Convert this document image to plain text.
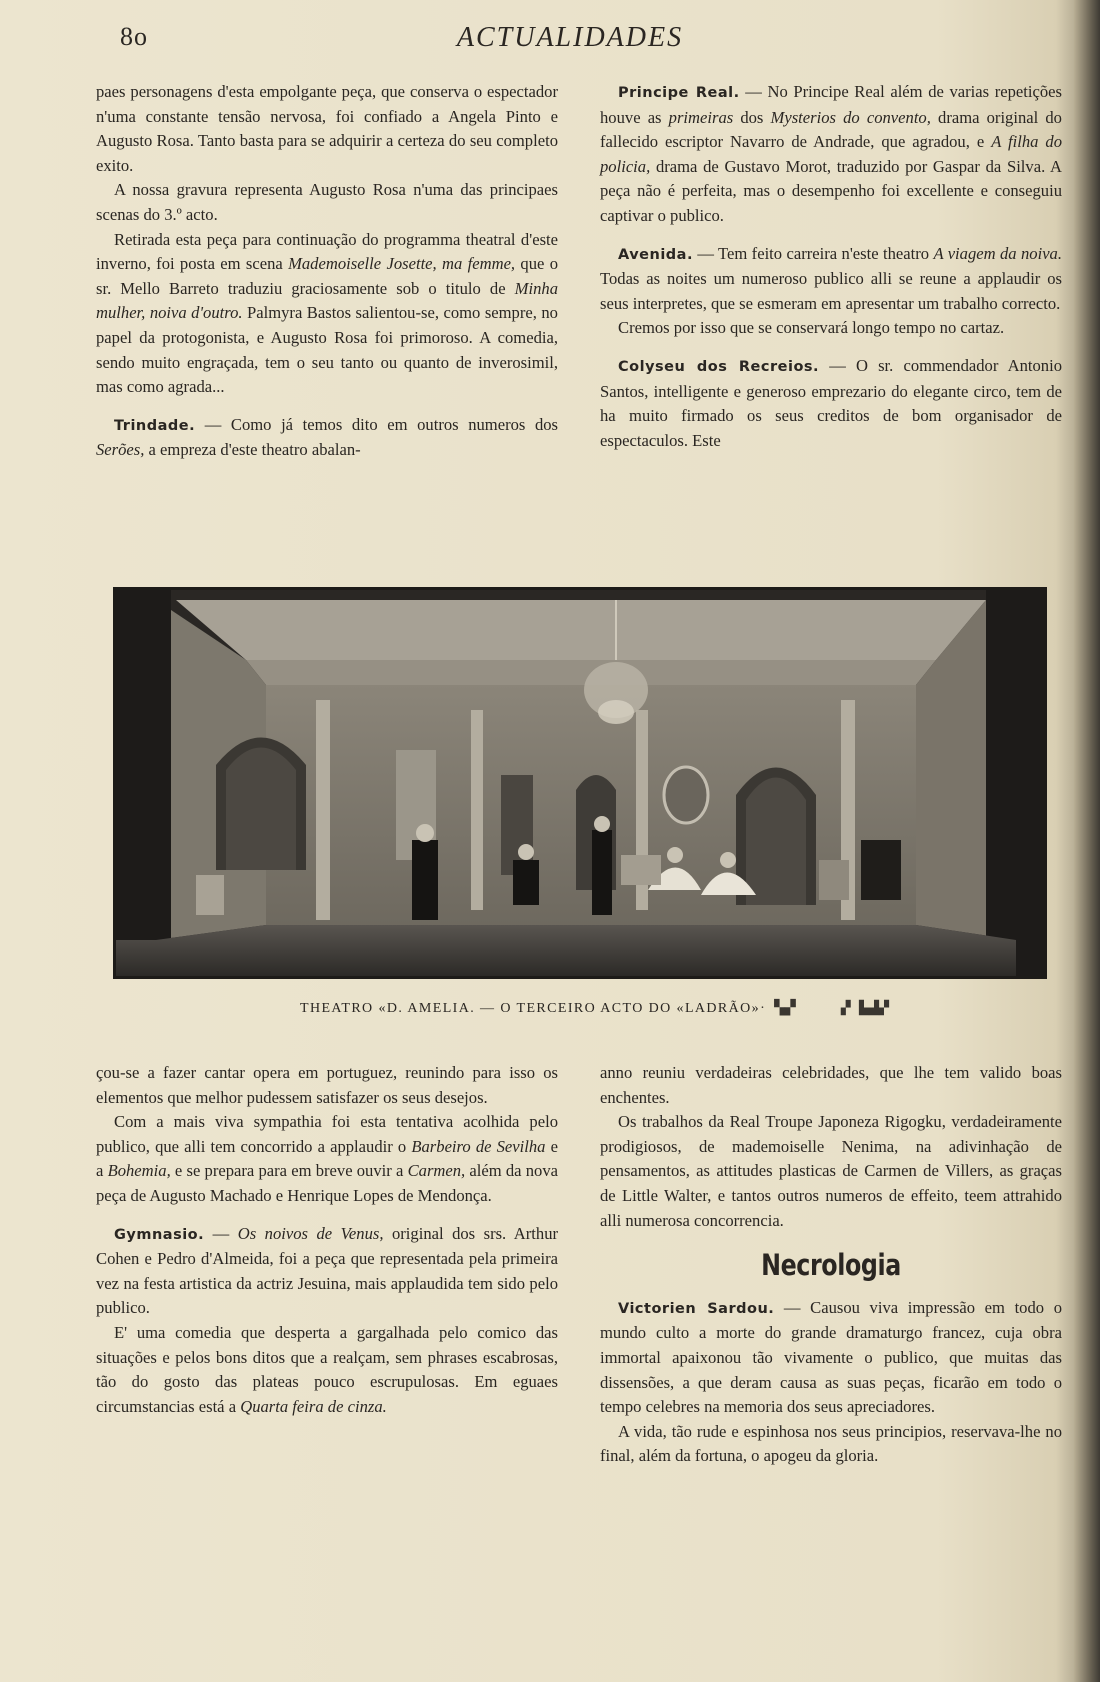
8o	ACTUALIDADES

paes personagens d'esta empolgante peça, que conserva o espectador n'uma constante tensão nervosa, foi confiado a Angela Pinto e Augusto Rosa. Tanto basta para se adquirir a certeza do seu completo exito.

A nossa gravura representa Augusto Rosa n'uma das principaes scenas do 3.º acto.

Retirada esta peça para continuação do programma theatral d'este inverno, foi posta em scena Mademoiselle Josette, ma femme, que o sr. Mello Barreto traduziu graciosamente sob o titulo de Minha mulher, noiva d'outro. Palmyra Bastos salientou-se, como sempre, no papel da protogonista, e Augusto Rosa foi primoroso. A comedia, sendo muito engraçada, tem o seu tanto ou quanto de inverosimil, mas como agrada...

Trindade. — Como já temos dito em outros numeros dos Serões, a empreza d'este theatro abalan-

Principe Real. — No Principe Real além de varias repetições houve as primeiras dos Mysterios do convento, drama original do fallecido escriptor Navarro de Andrade, que agradou, e A filha do policia, drama de Gustavo Morot, traduzido por Gaspar da Silva. A peça não é perfeita, mas o desempenho foi excellente e conseguiu captivar o publico.

Avenida. — Tem feito carreira n'este theatro A viagem da noiva. Todas as noites um numeroso publico alli se reune a applaudir os seus interpretes, que se esmeram em apresentar um trabalho correcto.

Cremos por isso que se conservará longo tempo no cartaz.

Colyseu dos Recreios. — O sr. commendador Antonio Santos, intelligente e generoso emprezario do elegante circo, tem de ha muito firmado os seus creditos de bom organisador de espectaculos. Este

THEATRO «D. AMELIA. — O TERCEIRO ACTO DO «LADRÃO»· ▚▞	▗▘ ▙▟▞

çou-se a fazer cantar opera em portuguez, reunindo para isso os elementos que melhor pudessem satisfazer os seus desejos.

Com a mais viva sympathia foi esta tentativa acolhida pelo publico, que alli tem concorrido a applaudir o Barbeiro de Sevilha e a Bohemia, e se prepara para em breve ouvir a Carmen, além da nova peça de Augusto Machado e Henrique Lopes de Mendonça.

Gymnasio. — Os noivos de Venus, original dos srs. Arthur Cohen e Pedro d'Almeida, foi a peça que representada pela primeira vez na festa artistica da actriz Jesuina, mais applaudida tem sido pelo publico.

E' uma comedia que desperta a gargalhada pelo comico das situações e pelos bons ditos que a realçam, sem phrases escabrosas, tão do gosto das plateas pouco escrupulosas. Em eguaes circumstancias está a Quarta feira de cinza.

anno reuniu verdadeiras celebridades, que lhe tem valido boas enchentes.

Os trabalhos da Real Troupe Japoneza Rigogku, verdadeiramente prodigiosos, de mademoiselle Nenima, na adivinhação de pensamentos, as attitudes plasticas de Carmen de Villers, as graças de Little Walter, e tantos outros numeros de effeito, teem attrahido alli numerosa concorrencia.

Necrologia

Victorien Sardou. — Causou viva impressão em todo o mundo culto a morte do grande dramaturgo francez, cuja obra immortal apaixonou tão vivamente o publico, que muitas das dissensões, a que deram causa as suas peças, ficarão em todo o tempo celebres na memoria dos seus apreciadores.

A vida, tão rude e espinhosa nos seus principios, reservava-lhe no final, além da fortuna, o apogeu da gloria.
